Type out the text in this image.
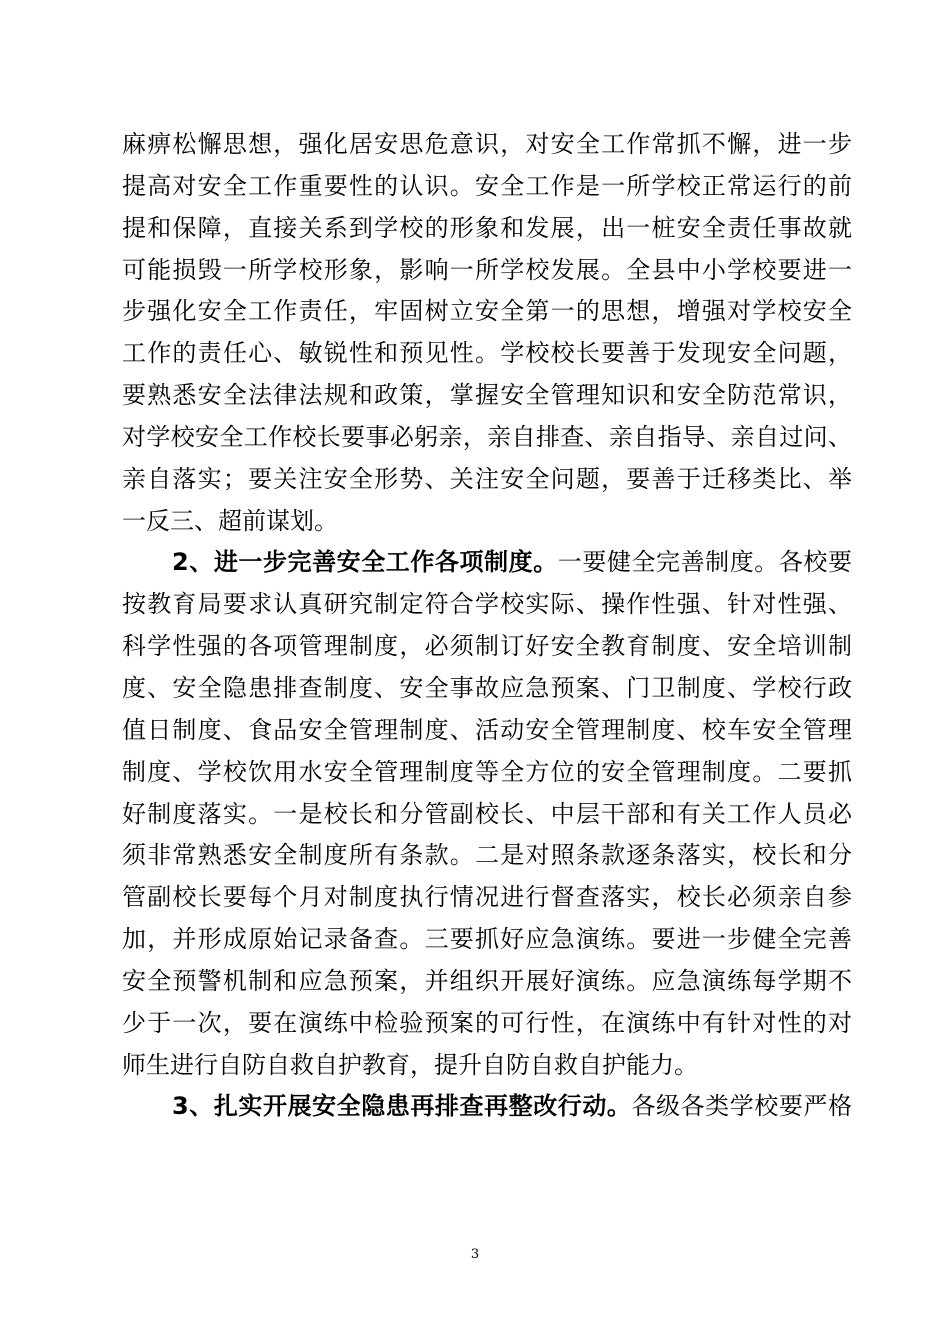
麻痹松懈思想，强化居安思危意识，对安全工作常抓不懈，进一步
提高对安全工作重要性的认识。安全工作是一所学校正常运行的前
提和保障，直接关系到学校的形象和发展，出一桩安全责任事故就
可能损毁一所学校形象，影响一所学校发展。全县中小学校要进一
步强化安全工作责任，牢固树立安全第一的思想，增强对学校安全
工作的责任心、敏锐性和预见性。学校校长要善于发现安全问题，
要熟悉安全法律法规和政策，掌握安全管理知识和安全防范常识，
对学校安全工作校长要事必躬亲，亲自排查、亲自指导、亲自过问、
亲自落实；要关注安全形势、关注安全问题，要善于迁移类比、举
一反三、超前谋划。
2、进一步完善安全工作各项制度。一要健全完善制度。各校要
按教育局要求认真研究制定符合学校实际、操作性强、针对性强、
科学性强的各项管理制度，必须制订好安全教育制度、安全培训制
度、安全隐患排查制度、安全事故应急预案、门卫制度、学校行政
值日制度、食品安全管理制度、活动安全管理制度、校车安全管理
制度、学校饮用水安全管理制度等全方位的安全管理制度。二要抓
好制度落实。一是校长和分管副校长、中层干部和有关工作人员必
须非常熟悉安全制度所有条款。二是对照条款逐条落实，校长和分
管副校长要每个月对制度执行情况进行督查落实，校长必须亲自参
加，并形成原始记录备查。三要抓好应急演练。要进一步健全完善
安全预警机制和应急预案，并组织开展好演练。应急演练每学期不
少于一次，要在演练中检验预案的可行性，在演练中有针对性的对
师生进行自防自救自护教育，提升自防自救自护能力。
3、扎实开展安全隐患再排查再整改行动。各级各类学校要严格
3
